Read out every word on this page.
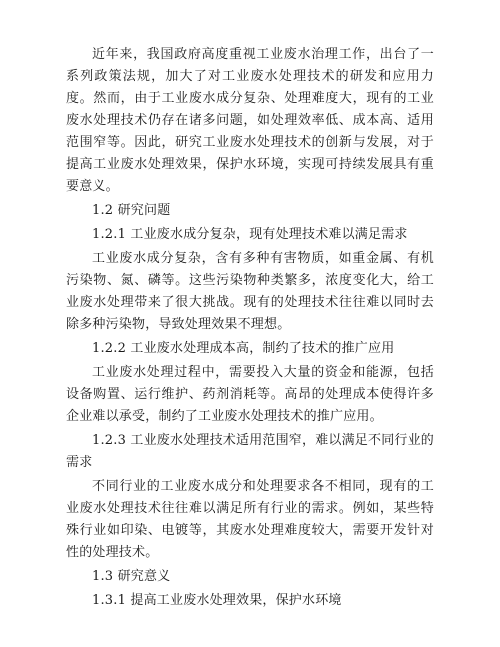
近年来，我国政府高度重视工业废水治理工作，出台了一系列政策法规，加大了对工业废水处理技术的研发和应用力度。然而，由于工业废水成分复杂、处理难度大，现有的工业废水处理技术仍存在诸多问题，如处理效率低、成本高、适用范围窄等。因此，研究工业废水处理技术的创新与发展，对于提高工业废水处理效果，保护水环境，实现可持续发展具有重要意义。

1.2 研究问题

1.2.1 工业废水成分复杂，现有处理技术难以满足需求

工业废水成分复杂，含有多种有害物质，如重金属、有机污染物、氮、磷等。这些污染物种类繁多，浓度变化大，给工业废水处理带来了很大挑战。现有的处理技术往往难以同时去除多种污染物，导致处理效果不理想。

1.2.2 工业废水处理成本高，制约了技术的推广应用

工业废水处理过程中，需要投入大量的资金和能源，包括设备购置、运行维护、药剂消耗等。高昂的处理成本使得许多企业难以承受，制约了工业废水处理技术的推广应用。

1.2.3 工业废水处理技术适用范围窄，难以满足不同行业的需求

不同行业的工业废水成分和处理要求各不相同，现有的工业废水处理技术往往难以满足所有行业的需求。例如，某些特殊行业如印染、电镀等，其废水处理难度较大，需要开发针对性的处理技术。

1.3 研究意义

1.3.1 提高工业废水处理效果，保护水环境
